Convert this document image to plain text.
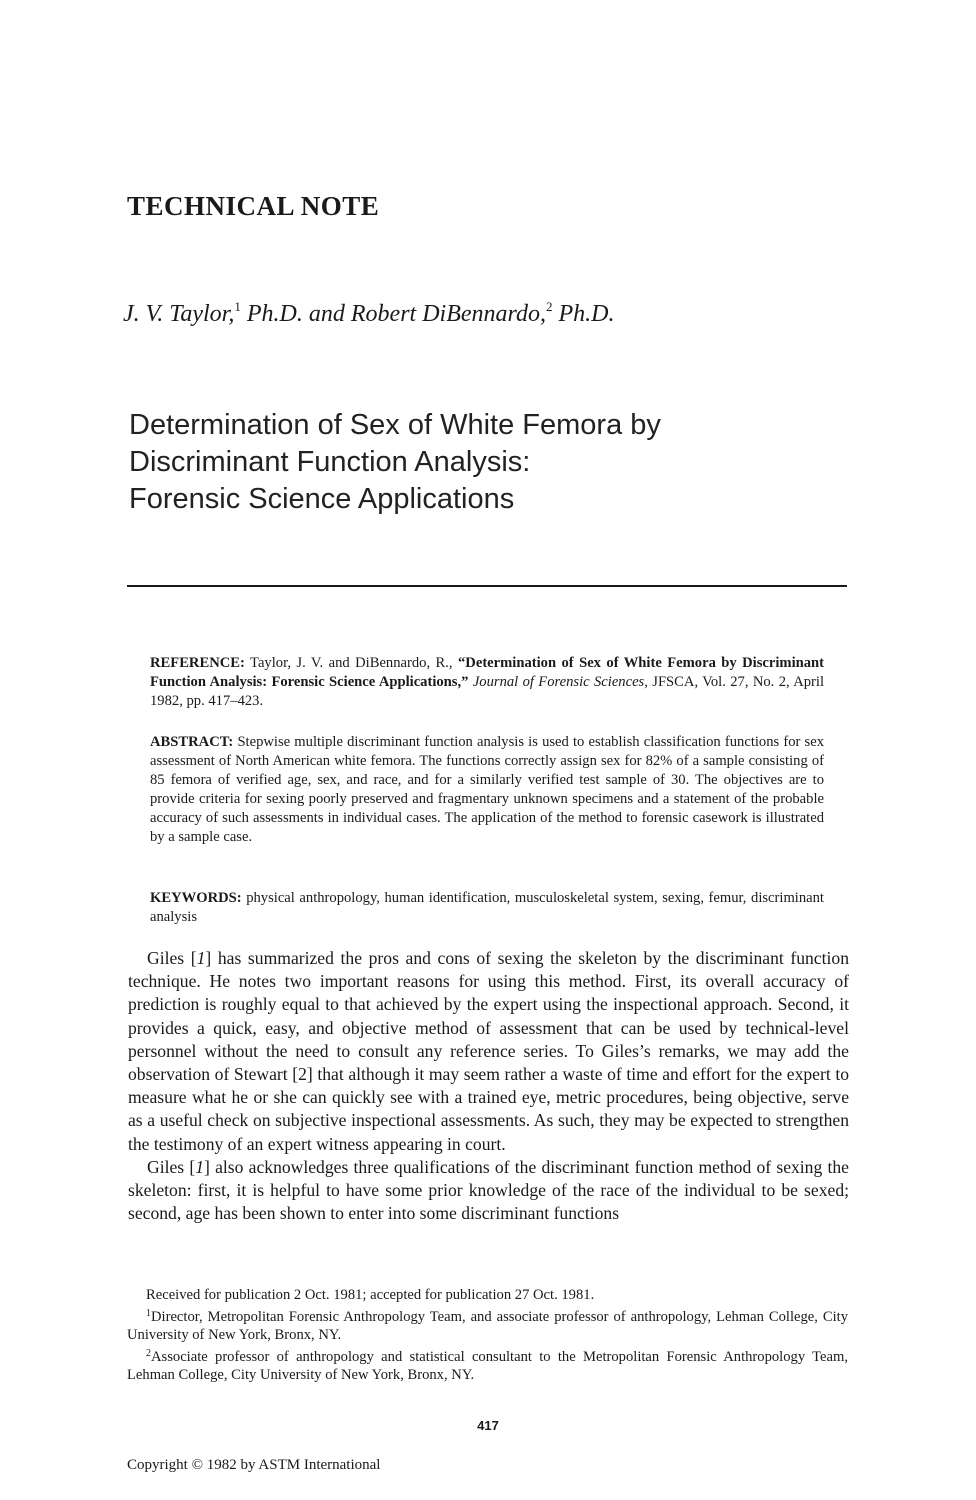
TECHNICAL NOTE
J. V. Taylor,$^1$ Ph.D. and Robert DiBennardo,$^2$ Ph.D.
Determination of Sex of White Femora by
Discriminant Function Analysis:
Forensic Science Applications
REFERENCE: Taylor, J. V. and DiBennardo, R., “Determination of Sex of White Femora by Discriminant Function Analysis: Forensic Science Applications,” Journal of Forensic Sciences, JFSCA, Vol. 27, No. 2, April 1982, pp. 417–423.
ABSTRACT: Stepwise multiple discriminant function analysis is used to establish classification functions for sex assessment of North American white femora. The functions correctly assign sex for 82% of a sample consisting of 85 femora of verified age, sex, and race, and for a similarly verified test sample of 30. The objectives are to provide criteria for sexing poorly preserved and fragmentary unknown specimens and a statement of the probable accuracy of such assessments in individual cases. The application of the method to forensic casework is illustrated by a sample case.
KEYWORDS: physical anthropology, human identification, musculoskeletal system, sexing, femur, discriminant analysis

Giles [1] has summarized the pros and cons of sexing the skeleton by the discriminant function technique. He notes two important reasons for using this method. First, its overall accuracy of prediction is roughly equal to that achieved by the expert using the inspectional approach. Second, it provides a quick, easy, and objective method of assessment that can be used by technical-level personnel without the need to consult any reference series. To Giles’s remarks, we may add the observation of Stewart [2] that although it may seem rather a waste of time and effort for the expert to measure what he or she can quickly see with a trained eye, metric procedures, being objective, serve as a useful check on subjective inspectional assessments. As such, they may be expected to strengthen the testimony of an expert witness appearing in court.

Giles [1] also acknowledges three qualifications of the discriminant function method of sexing the skeleton: first, it is helpful to have some prior knowledge of the race of the individual to be sexed; second, age has been shown to enter into some discriminant functions

Received for publication 2 Oct. 1981; accepted for publication 27 Oct. 1981.

$^1$Director, Metropolitan Forensic Anthropology Team, and associate professor of anthropology, Lehman College, City University of New York, Bronx, NY.

$^2$Associate professor of anthropology and statistical consultant to the Metropolitan Forensic Anthropology Team, Lehman College, City University of New York, Bronx, NY.

417
Copyright © 1982 by ASTM International
